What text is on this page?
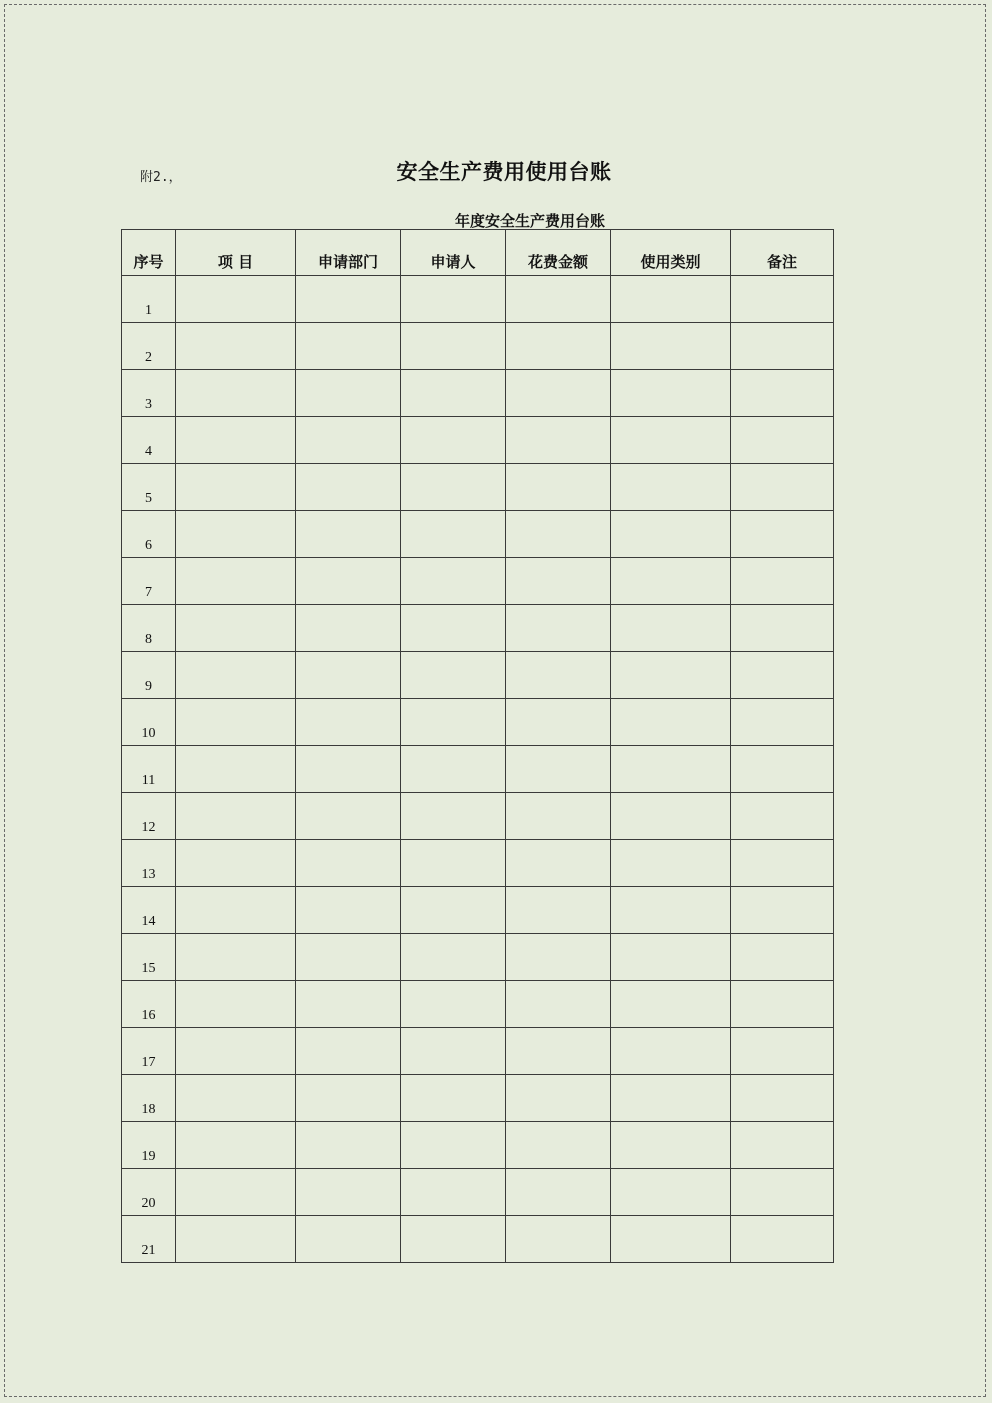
附2.，	安全生产费用使用台账
年度安全生产费用台账
序号	项 目	申请部门	申请人	花费金额	使用类别	备注
1						
2						
3						
4						
5						
6						
7						
8						
9						
10						
11						
12						
13						
14						
15						
16						
17						
18						
19						
20						
21						
